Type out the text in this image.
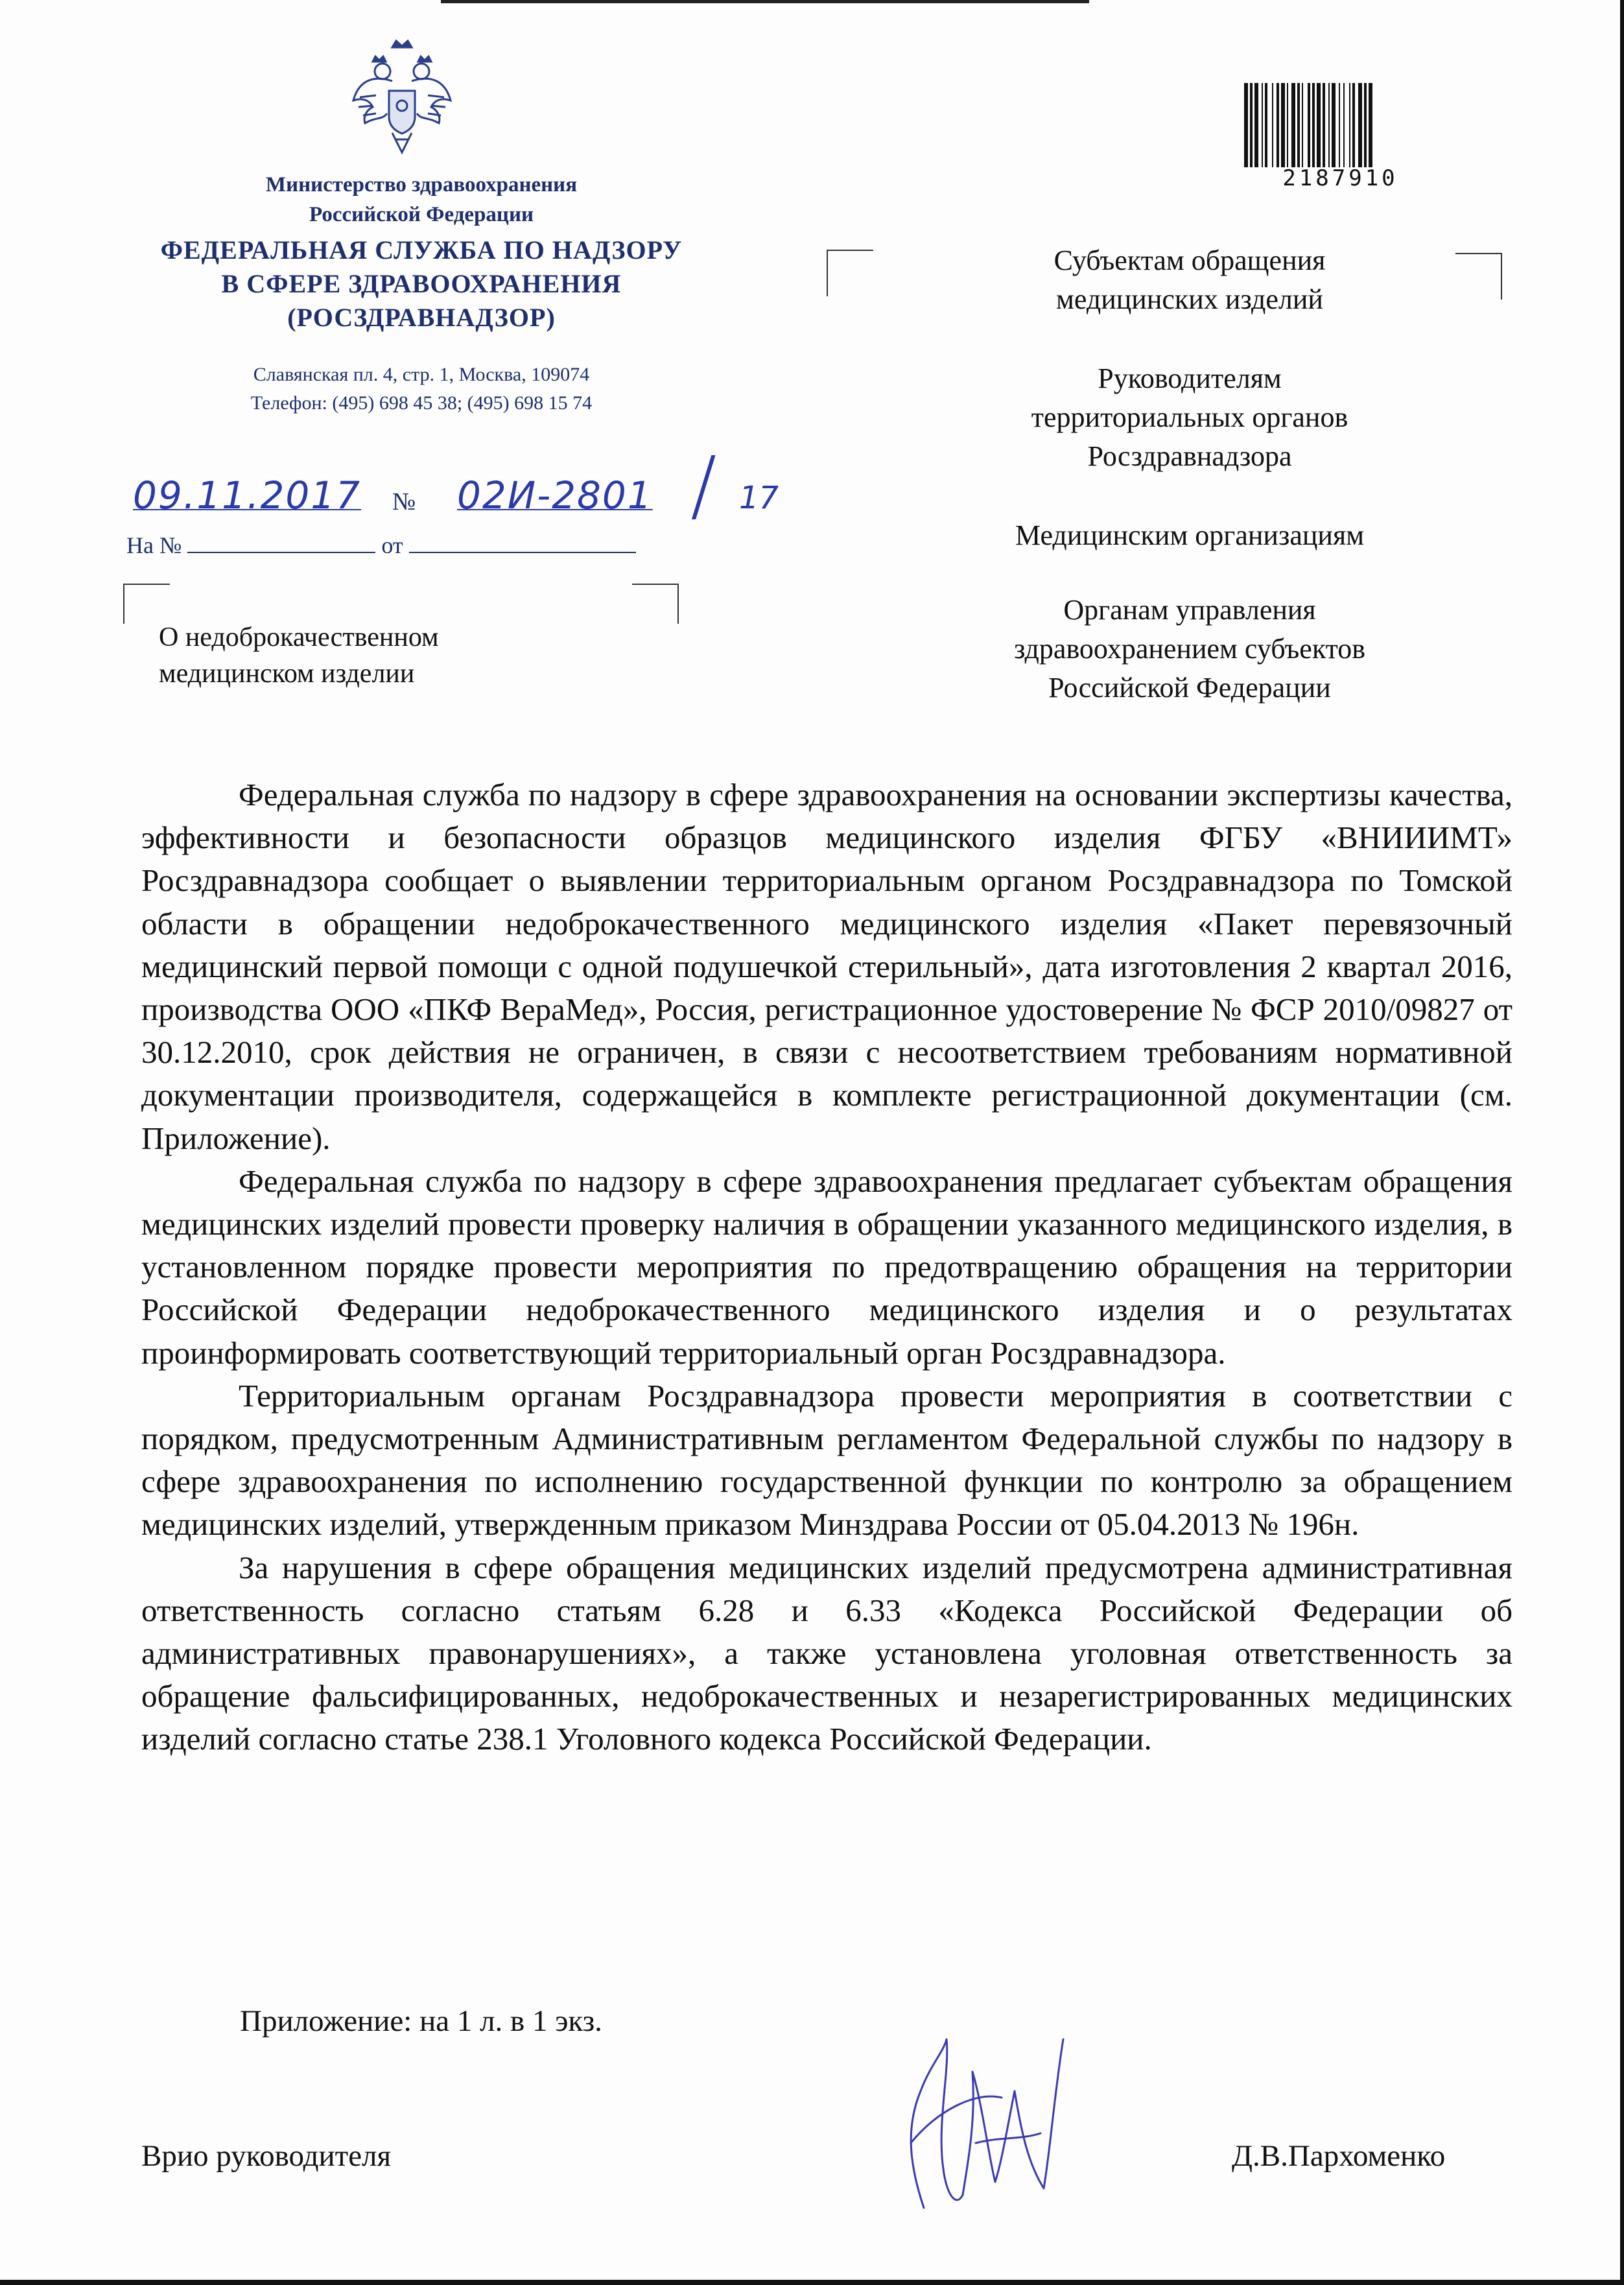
Министерство здравоохранения
Российской Федерации
ФЕДЕРАЛЬНАЯ СЛУЖБА ПО НАДЗОРУ
В СФЕРЕ ЗДРАВООХРАНЕНИЯ
(РОСЗДРАВНАДЗОР)
Славянская пл. 4, стр. 1, Москва, 109074
Телефон: (495) 698 45 38; (495) 698 15 74
09.11.2017 № 02И-2801 / 17
На №	от
О недоброкачественном
медицинском изделии
2187910
Субъектам обращения
медицинских изделий
Руководителям
территориальных органов
Росздравнадзора
Медицинским организациям
Органам управления
здравоохранением субъектов
Российской Федерации

Федеральная служба по надзору в сфере здравоохранения на основании экспертизы качества, эффективности и безопасности образцов медицинского изделия ФГБУ «ВНИИИМТ» Росздравнадзора сообщает о выявлении территориальным органом Росздравнадзора по Томской области в обращении недоброкачественного медицинского изделия «Пакет перевязочный медицинский первой помощи с одной подушечкой стерильный», дата изготовления 2 квартал 2016, производства ООО «ПКФ ВераМед», Россия, регистрационное удостоверение № ФСР 2010/09827 от 30.12.2010, срок действия не ограничен, в связи с несоответствием требованиям нормативной документации производителя, содержащейся в комплекте регистрационной документации (см. Приложение).

Федеральная служба по надзору в сфере здравоохранения предлагает субъектам обращения медицинских изделий провести проверку наличия в обращении указанного медицинского изделия, в установленном порядке провести мероприятия по предотвращению обращения на территории Российской Федерации недоброкачественного медицинского изделия и о результатах проинформировать соответствующий территориальный орган Росздравнадзора.

Территориальным органам Росздравнадзора провести мероприятия в соответствии с порядком, предусмотренным Административным регламентом Федеральной службы по надзору в сфере здравоохранения по исполнению государственной функции по контролю за обращением медицинских изделий, утвержденным приказом Минздрава России от 05.04.2013 № 196н.

За нарушения в сфере обращения медицинских изделий предусмотрена административная ответственность согласно статьям 6.28 и 6.33 «Кодекса Российской Федерации об административных правонарушениях», а также установлена уголовная ответственность за обращение фальсифицированных, недоброкачественных и незарегистрированных медицинских изделий согласно статье 238.1 Уголовного кодекса Российской Федерации.

Приложение: на 1 л. в 1 экз.
Врио руководителя	Д.В.Пархоменко
